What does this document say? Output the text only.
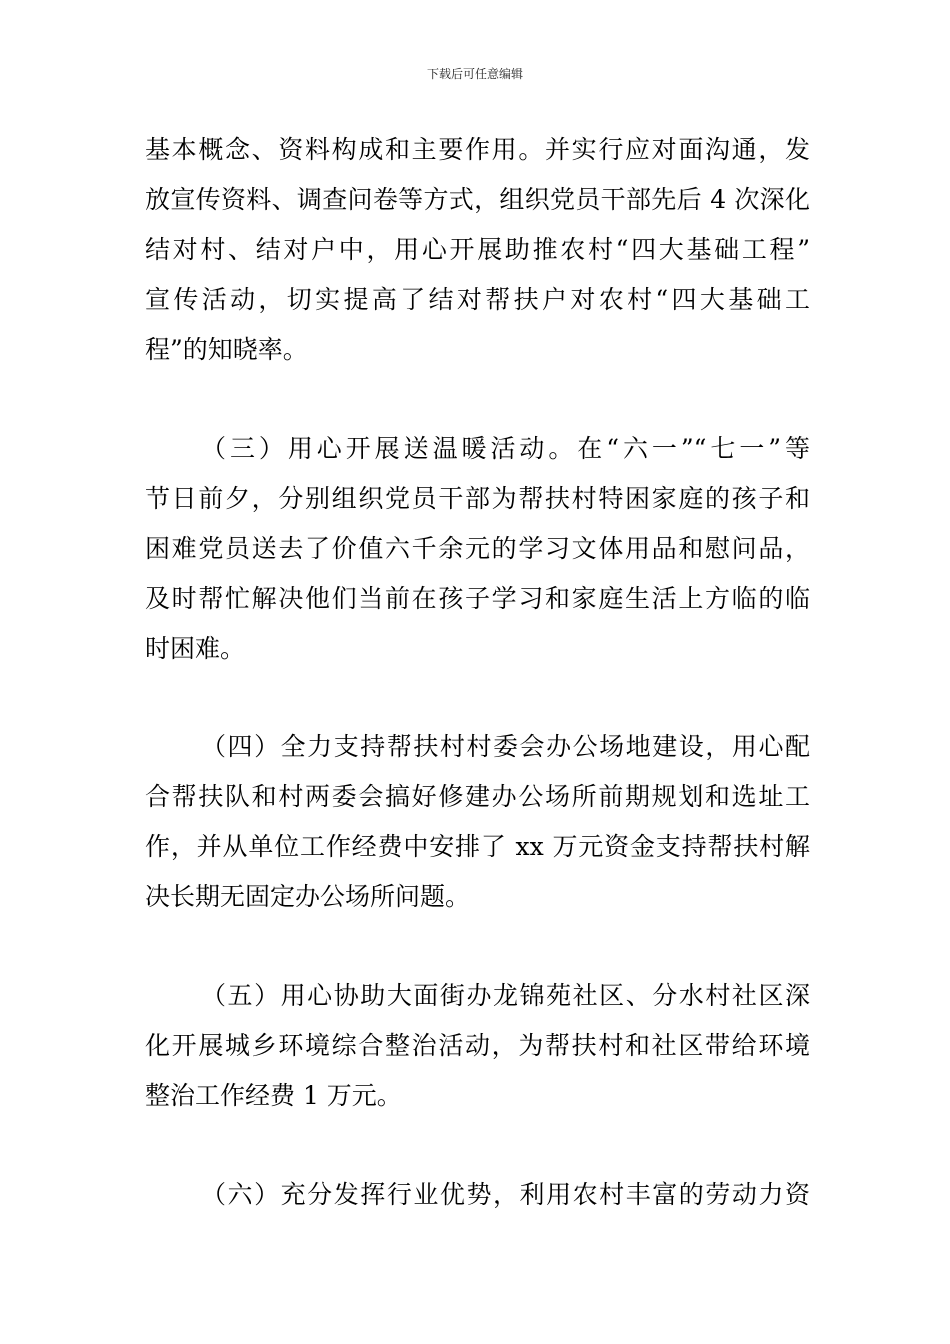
下载后可任意编辑
基本概念、资料构成和主要作用。并实行应对面沟通，发
放宣传资料、调查问卷等方式，组织党员干部先后 4 次深化
结对村、结对户中，用心开展助推农村“四大基础工程”
宣传活动，切实提高了结对帮扶户对农村“四大基础工
程”的知晓率。
（三）用心开展送温暖活动。在“六一”“七一”等
节日前夕，分别组织党员干部为帮扶村特困家庭的孩子和
困难党员送去了价值六千余元的学习文体用品和慰问品，
及时帮忙解决他们当前在孩子学习和家庭生活上方临的临
时困难。
（四）全力支持帮扶村村委会办公场地建设，用心配
合帮扶队和村两委会搞好修建办公场所前期规划和选址工
作，并从单位工作经费中安排了 xx 万元资金支持帮扶村解
决长期无固定办公场所问题。
（五）用心协助大面街办龙锦苑社区、分水村社区深
化开展城乡环境综合整治活动，为帮扶村和社区带给环境
整治工作经费 1 万元。
（六）充分发挥行业优势，利用农村丰富的劳动力资
